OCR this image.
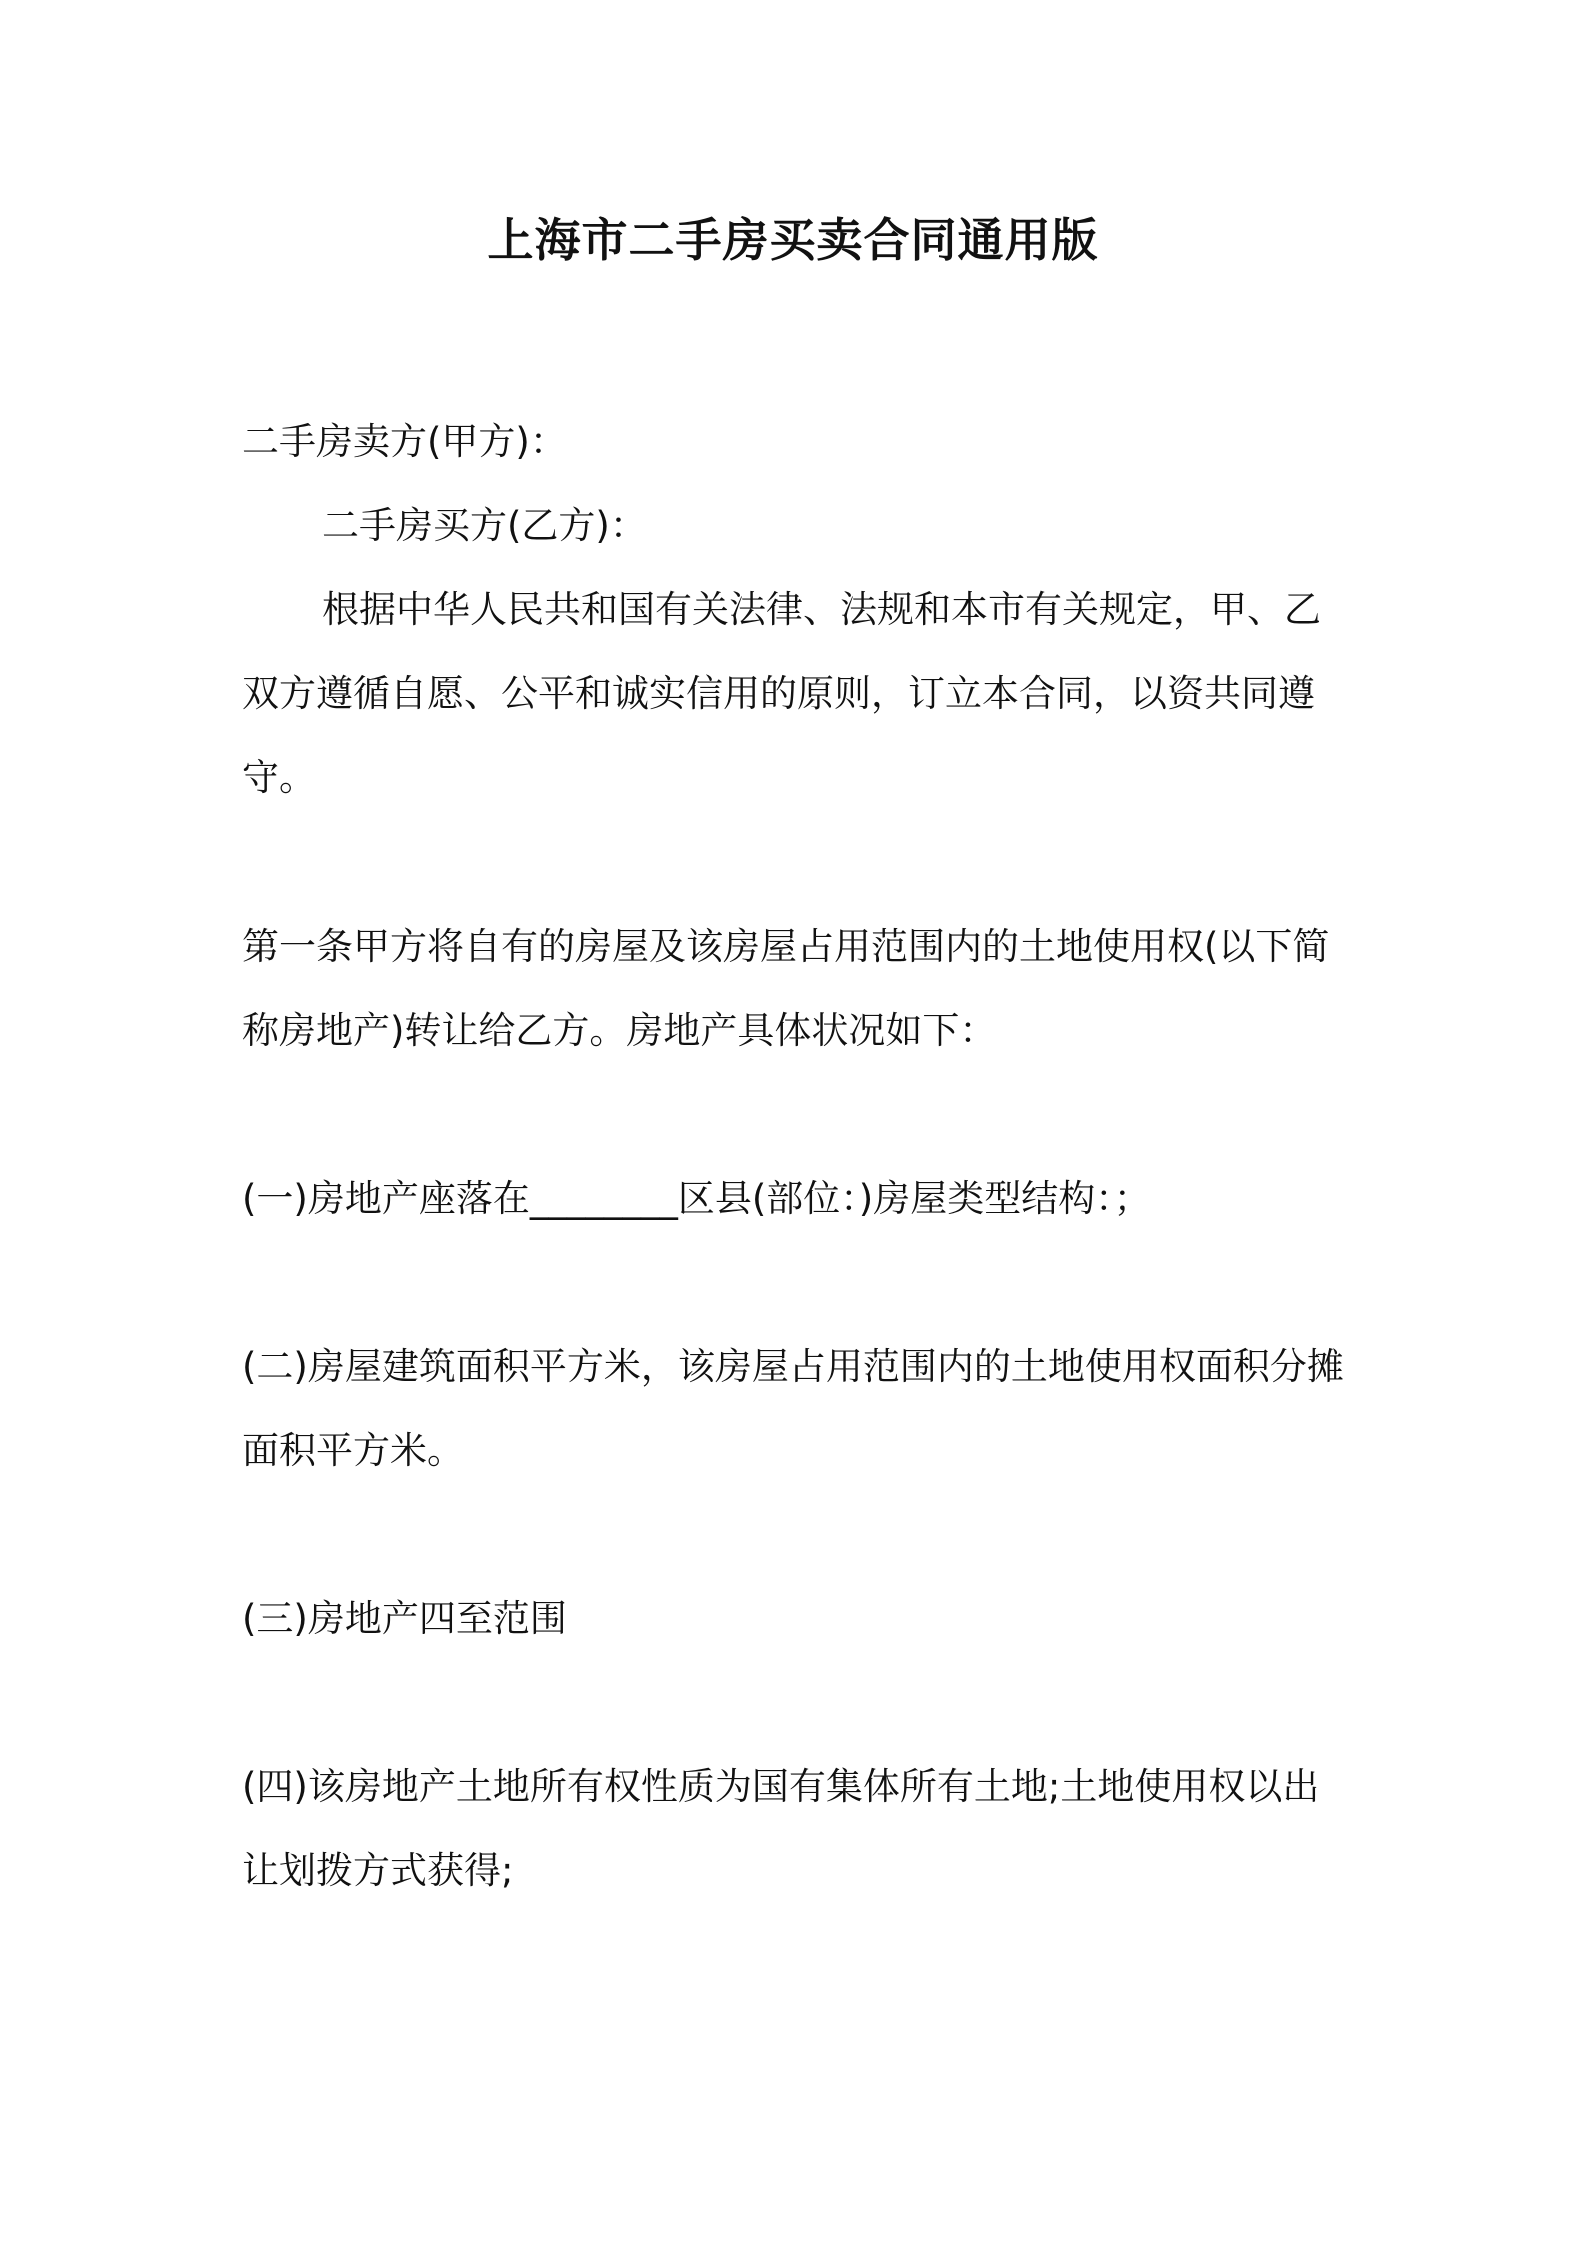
上海市二手房买卖合同通用版

二手房卖方(甲方)：

二手房买方(乙方)：

根据中华人民共和国有关法律、法规和本市有关规定，甲、乙双方遵循自愿、公平和诚实信用的原则，订立本合同，以资共同遵守。

第一条甲方将自有的房屋及该房屋占用范围内的土地使用权(以下简称房地产)转让给乙方。房地产具体状况如下：

(一)房地产座落在________区县(部位：)房屋类型结构：；

(二)房屋建筑面积平方米，该房屋占用范围内的土地使用权面积分摊面积平方米。

(三)房地产四至范围

(四)该房地产土地所有权性质为国有集体所有土地;土地使用权以出让划拨方式获得;
